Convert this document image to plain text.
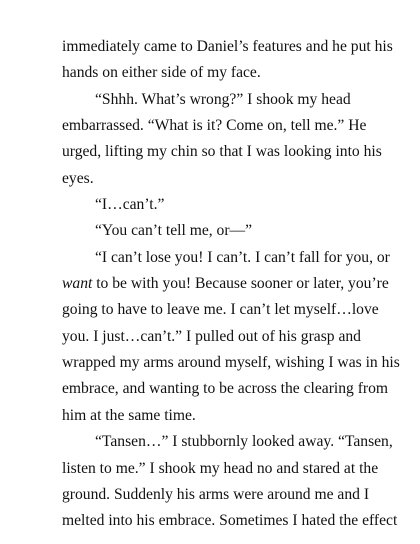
immediately came to Daniel’s features and he put his
hands on either side of my face.
“Shhh. What’s wrong?” I shook my head
embarrassed. “What is it? Come on, tell me.” He
urged, lifting my chin so that I was looking into his
eyes.
“I…can’t.”
“You can’t tell me, or—”
“I can’t lose you! I can’t. I can’t fall for you, or
want to be with you! Because sooner or later, you’re
going to have to leave me. I can’t let myself…love
you. I just…can’t.” I pulled out of his grasp and
wrapped my arms around myself, wishing I was in his
embrace, and wanting to be across the clearing from
him at the same time.
“Tansen…” I stubbornly looked away. “Tansen,
listen to me.” I shook my head no and stared at the
ground. Suddenly his arms were around me and I
melted into his embrace. Sometimes I hated the effect
